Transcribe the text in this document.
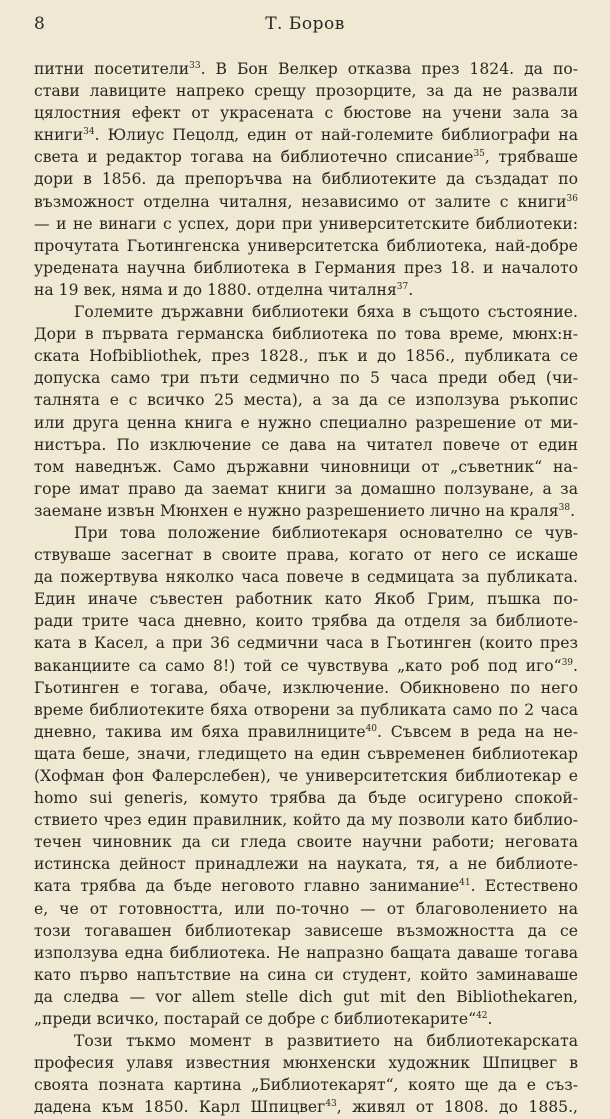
8	Т. Боров
питни посетители$^{33}$. В Бон Велкер отказва през 1824. да по-
стави лавиците напреко срещу прозорците, за да не развали
цялостния ефект от украсената с бюстове на учени зала за
книги$^{34}$. Юлиус Пецолд, един от най-големите библиографи на
света и редактор тогава на библиотечно списание$^{35}$, трябваше
дори в 1856. да препоръчва на библиотеките да създадат по
възможност отделна читалня, независимо от залите с книги$^{36}$
— и не винаги с успех, дори при университетските библиотеки:
прочутата Гьотингенска университетска библиотека, най-добре
уредената научна библиотека в Германия през 18. и началото
на 19 век, няма и до 1880. отделна читалня$^{37}$.
Големите държавни библиотеки бяха в същото състояние.
Дори в първата германска библиотека по това време, мюнх:н-
ската Hofbibliothek, през 1828., пък и до 1856., публиката се
допуска само три пъти седмично по 5 часа преди обед (чи-
талнята е с всичко 25 места), а за да се използува ръкопис
или друга ценна книга е нужно специално разрешение от ми-
нистъра. По изключение се дава на читател повече от един
том наведнъж. Само държавни чиновници от „съветник“ на-
горе имат право да заемат книги за домашно ползуване, а за
заемане извън Мюнхен е нужно разрешението лично на краля$^{38}$.
При това положение библиотекаря основателно се чув-
ствуваше засегнат в своите права, когато от него се искаше
да пожертвува няколко часа повече в седмицата за публиката.
Един иначе съвестен работник като Якоб Грим, пъшка по-
ради трите часа дневно, които трябва да отделя за библиоте-
ката в Касел, а при 36 седмични часа в Гьотинген (които през
ваканциите са само 8!) той се чувствува „като роб под иго“$^{39}$.
Гьотинген е тогава, обаче, изключение. Обикновено по него
време библиотеките бяха отворени за публиката само по 2 часа
дневно, такива им бяха правилниците$^{40}$. Съвсем в реда на не-
щата беше, значи, гледището на един съвременен библиотекар
(Хофман фон Фалерслебен), че университетския библиотекар е
homo sui generis, комуто трябва да бъде осигурено спокой-
ствието чрез един правилник, който да му позволи като библио-
течен чиновник да си гледа своите научни работи; неговата
истинска дейност принадлежи на науката, тя, а не библиоте-
ката трябва да бъде неговото главно занимание$^{41}$. Естествено
е, че от готовността, или по-точно — от благоволението на
този тогавашен библиотекар зависеше възможността да се
използува една библиотека. Не напразно бащата даваше тогава
като първо напътствие на сина си студент, който заминаваше
да следва — vor allem stelle dich gut mit den Bibliothekaren,
„преди всичко, постарай се добре с библиотекарите“$^{42}$.
Този тъкмо момент в развитието на библиотекарската
професия улавя известния мюнхенски художник Шпицвег в
своята позната картина „Библиотекарят“, която ще да е съз-
дадена към 1850. Карл Шпицвег$^{43}$, живял от 1808. до 1885.,
